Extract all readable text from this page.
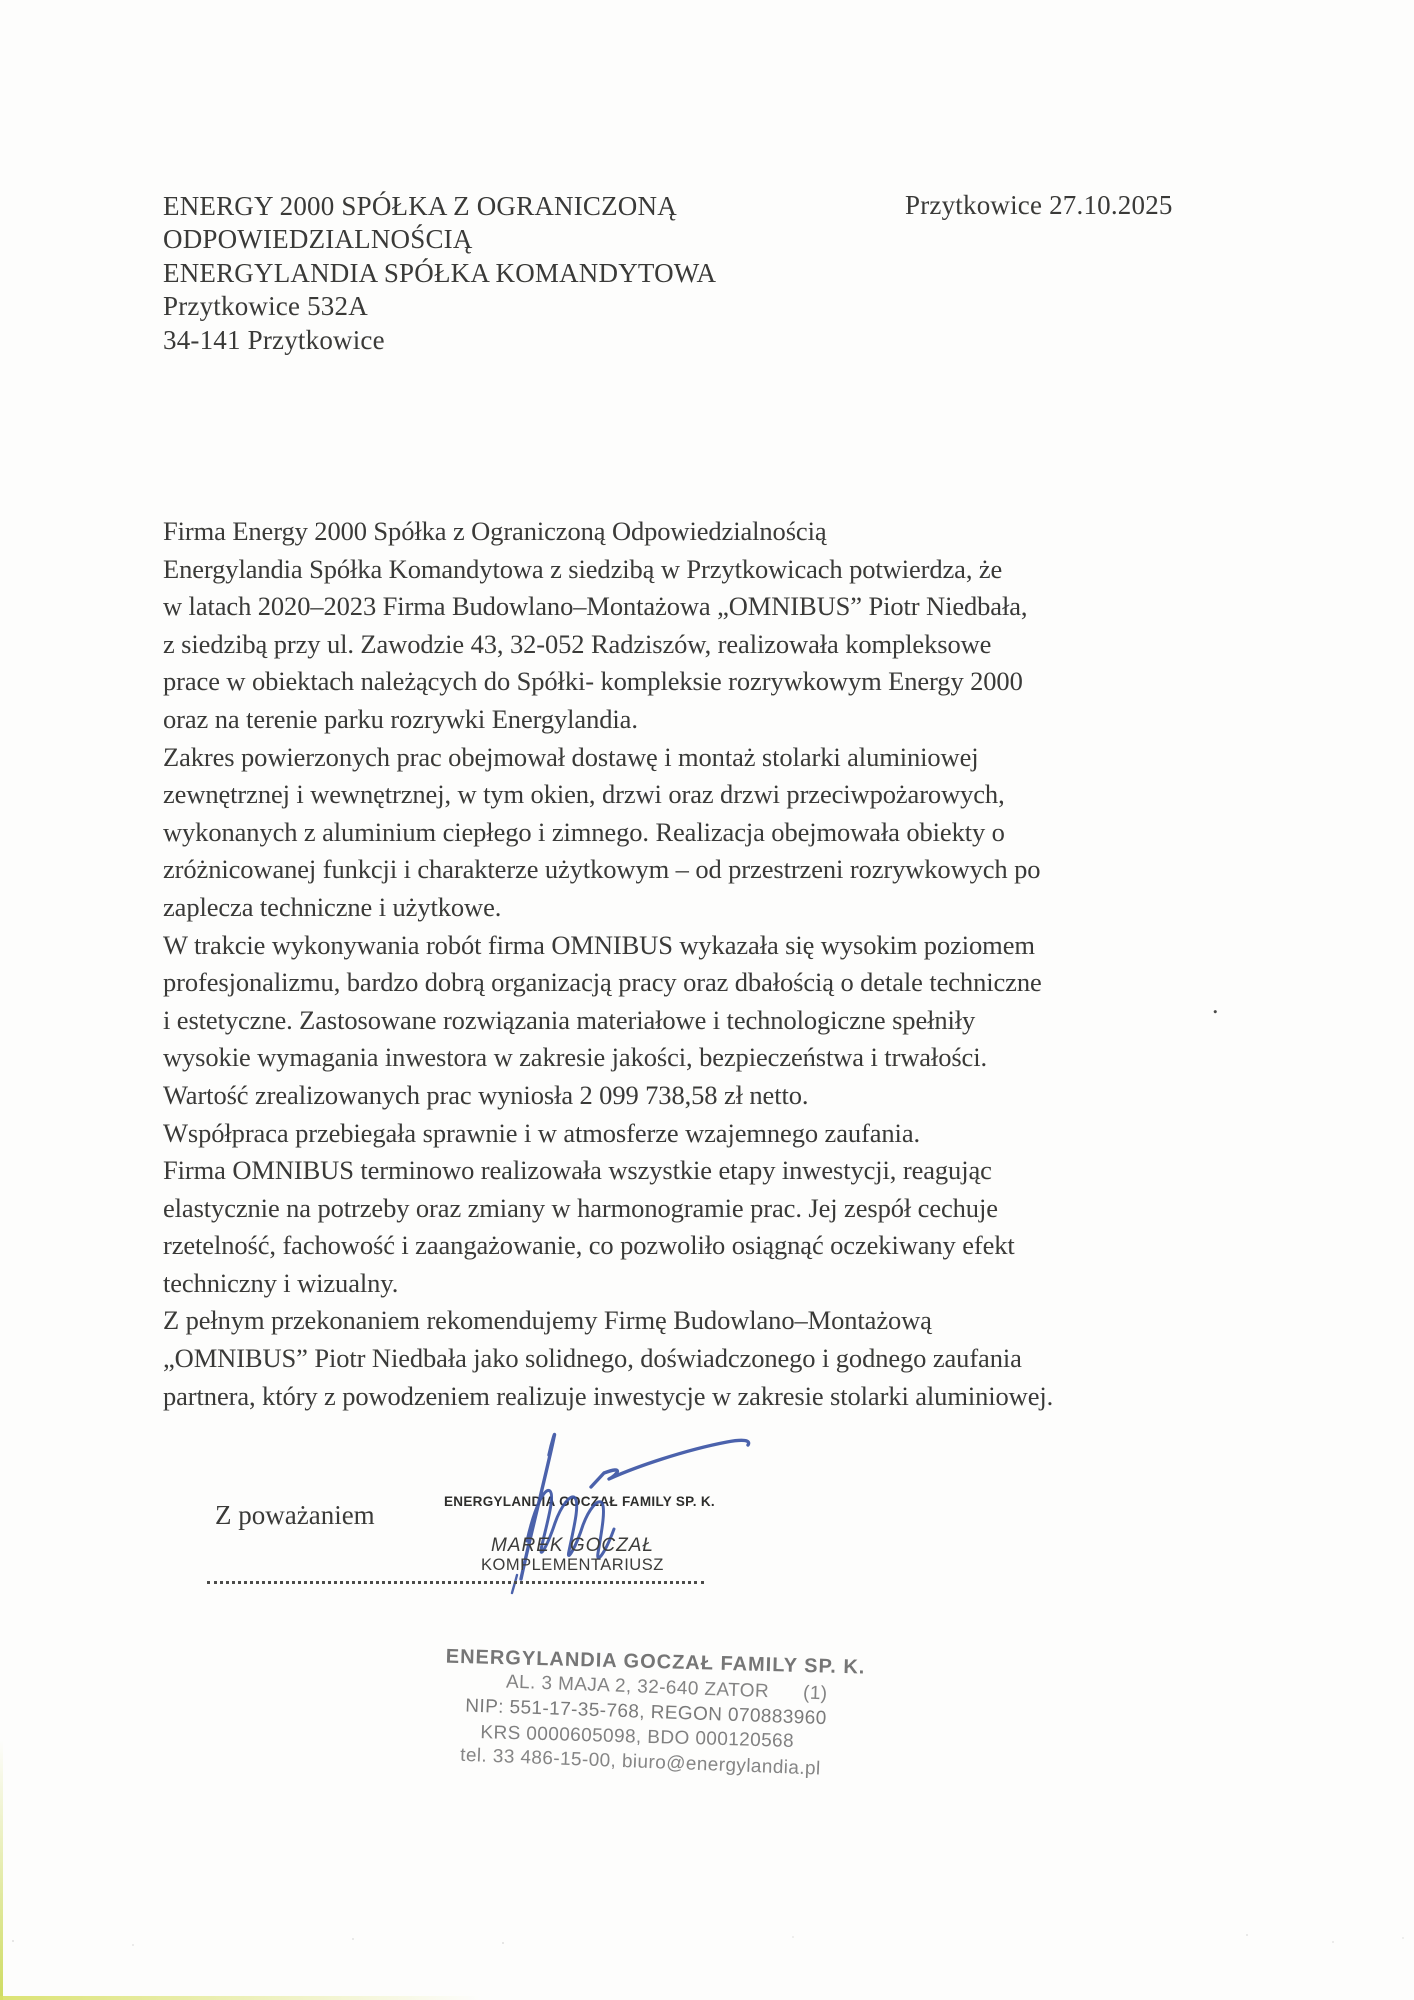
ENERGY 2000 SPÓŁKA Z OGRANICZONĄ
ODPOWIEDZIALNOŚCIĄ
ENERGYLANDIA SPÓŁKA KOMANDYTOWA
Przytkowice 532A
34-141 Przytkowice
Przytkowice 27.10.2025
Firma Energy 2000 Spółka z Ograniczoną Odpowiedzialnością
Energylandia Spółka Komandytowa z siedzibą w Przytkowicach potwierdza, że
w latach 2020–2023 Firma Budowlano–Montażowa „OMNIBUS” Piotr Niedbała,
z siedzibą przy ul. Zawodzie 43, 32-052 Radziszów, realizowała kompleksowe
prace w obiektach należących do Spółki- kompleksie rozrywkowym Energy 2000
oraz na terenie parku rozrywki Energylandia.
Zakres powierzonych prac obejmował dostawę i montaż stolarki aluminiowej
zewnętrznej i wewnętrznej, w tym okien, drzwi oraz drzwi przeciwpożarowych,
wykonanych z aluminium ciepłego i zimnego. Realizacja obejmowała obiekty o
zróżnicowanej funkcji i charakterze użytkowym – od przestrzeni rozrywkowych po
zaplecza techniczne i użytkowe.
W trakcie wykonywania robót firma OMNIBUS wykazała się wysokim poziomem
profesjonalizmu, bardzo dobrą organizacją pracy oraz dbałością o detale techniczne
i estetyczne. Zastosowane rozwiązania materiałowe i technologiczne spełniły
wysokie wymagania inwestora w zakresie jakości, bezpieczeństwa i trwałości.
Wartość zrealizowanych prac wyniosła 2 099 738,58 zł netto.
Współpraca przebiegała sprawnie i w atmosferze wzajemnego zaufania.
Firma OMNIBUS terminowo realizowała wszystkie etapy inwestycji, reagując
elastycznie na potrzeby oraz zmiany w harmonogramie prac. Jej zespół cechuje
rzetelność, fachowość i zaangażowanie, co pozwoliło osiągnąć oczekiwany efekt
techniczny i wizualny.
Z pełnym przekonaniem rekomendujemy Firmę Budowlano–Montażową
„OMNIBUS” Piotr Niedbała jako solidnego, doświadczonego i godnego zaufania
partnera, który z powodzeniem realizuje inwestycje w zakresie stolarki aluminiowej.
.
Z poważaniem	ENERGYLANDIA GOCZAŁ FAMILY SP. K.
MAREK GOCZAŁ
KOMPLEMENTARIUSZ
ENERGYLANDIA GOCZAŁ FAMILY SP. K.
AL. 3 MAJA 2, 32-640 ZATOR      (1)
NIP: 551-17-35-768, REGON 070883960
KRS 0000605098, BDO 000120568
tel. 33 486-15-00, biuro@energylandia.pl
